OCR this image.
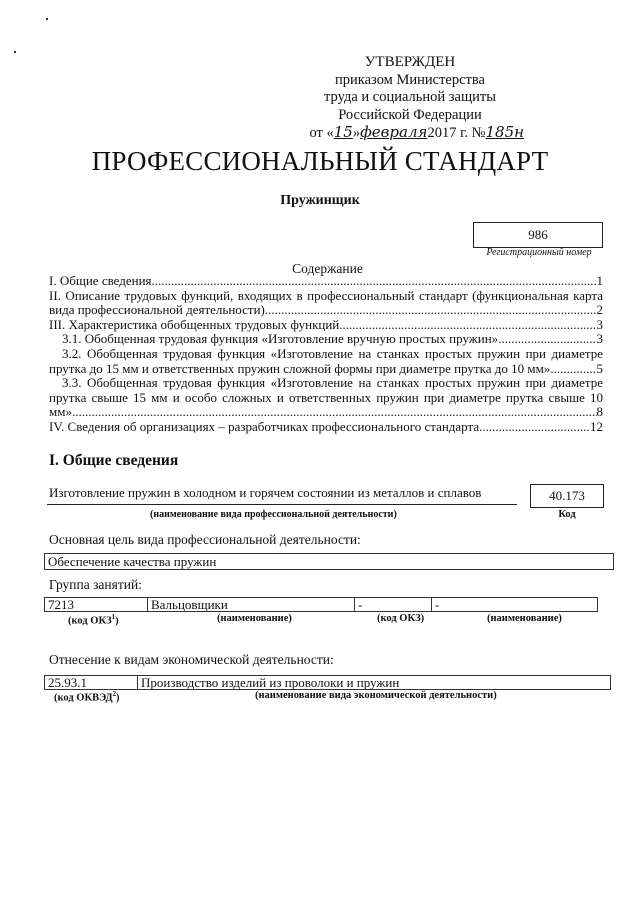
УТВЕРЖДЕН
приказом Министерства
труда и социальной защиты
Российской Федерации
от «15»февраля2017 г. №185н
ПРОФЕССИОНАЛЬНЫЙ СТАНДАРТ
Пружинщик
986
Регистрационный номер
Содержание
I. Общие сведения .....	1
II. Описание трудовых функций, входящих в профессиональный стандарт (функциональная карта
вида профессиональной деятельности) .....	2
III. Характеристика обобщенных трудовых функций .....	3
3.1. Обобщенная трудовая функция «Изготовление вручную простых пружин» .....	3
3.2. Обобщенная трудовая функция «Изготовление на станках простых пружин при диаметре
прутка до 15 мм и ответственных пружин сложной формы при диаметре прутка до 10 мм» .....	5
3.3. Обобщенная трудовая функция «Изготовление на станках простых пружин при диаметре
прутка свыше 15 мм и особо сложных и ответственных пружин при диаметре прутка свыше 10
мм» .....	8
IV. Сведения об организациях – разработчиках профессионального стандарта .....	12
I. Общие сведения
Изготовление пружин в холодном и горячем состоянии из металлов и сплавов
(наименование вида профессиональной деятельности)
40.173
Код
Основная цель вида профессиональной деятельности:
Обеспечение качества пружин
Группа занятий:
7213	Вальцовщики	-	-
(код ОКЗ$^1$)	(наименование)	(код ОКЗ)	(наименование)
Отнесение к видам экономической деятельности:
25.93.1	Производство изделий из проволоки и пружин
(код ОКВЭД$^2$)	(наименование вида экономической деятельности)
